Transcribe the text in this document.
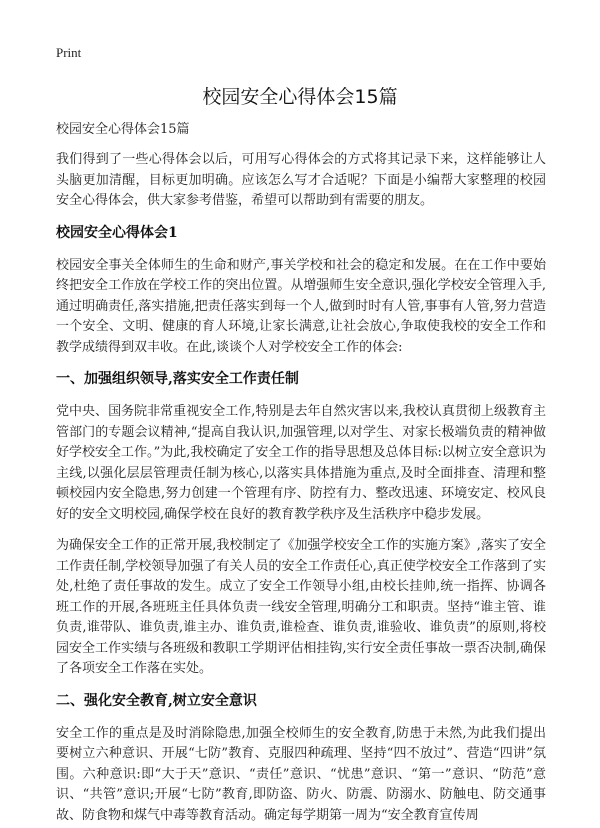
Print
校园安全心得体会15篇
校园安全心得体会15篇

我们得到了一些心得体会以后，可用写心得体会的方式将其记录下来，这样能够让人头脑更加清醒，目标更加明确。应该怎么写才合适呢？下面是小编帮大家整理的校园安全心得体会，供大家参考借鉴，希望可以帮助到有需要的朋友。

校园安全心得体会1

校园安全事关全体师生的生命和财产,事关学校和社会的稳定和发展。在在工作中要始终把安全工作放在学校工作的突出位置。从增强师生安全意识,强化学校安全管理入手,通过明确责任,落实措施,把责任落实到每一个人,做到时时有人管,事事有人管,努力营造一个安全、文明、健康的育人环境,让家长满意,让社会放心,争取使我校的安全工作和教学成绩得到双丰收。在此,谈谈个人对学校安全工作的体会:

一、加强组织领导,落实安全工作责任制

党中央、国务院非常重视安全工作,特别是去年自然灾害以来,我校认真贯彻上级教育主管部门的专题会议精神,“提高自我认识,加强管理,以对学生、对家长极端负责的精神做好学校安全工作。”为此,我校确定了安全工作的指导思想及总体目标:以树立安全意识为主线,以强化层层管理责任制为核心,以落实具体措施为重点,及时全面排查、清理和整顿校园内安全隐患,努力创建一个管理有序、防控有力、整改迅速、环境安定、校风良好的安全文明校园,确保学校在良好的教育教学秩序及生活秩序中稳步发展。

为确保安全工作的正常开展,我校制定了《加强学校安全工作的实施方案》,落实了安全工作责任制,学校领导加强了有关人员的安全工作责任心,真正使学校安全工作落到了实处,杜绝了责任事故的发生。成立了安全工作领导小组,由校长挂帅,统一指挥、协调各班工作的开展,各班班主任具体负责一线安全管理,明确分工和职责。坚持“谁主管、谁负责,谁带队、谁负责,谁主办、谁负责,谁检查、谁负责,谁验收、谁负责”的原则,将校园安全工作实绩与各班级和教职工学期评估相挂钩,实行安全责任事故一票否决制,确保了各项安全工作落在实处。

二、强化安全教育,树立安全意识

安全工作的重点是及时消除隐患,加强全校师生的安全教育,防患于未然,为此我们提出要树立六种意识、开展“七防”教育、克服四种疏理、坚持“四不放过”、营造“四讲”氛围。六种意识:即“大于天”意识、“责任”意识、“忧患”意识、“第一”意识、“防范”意识、“共管”意识;开展“七防”教育,即防盗、防火、防震、防溺水、防触电、防交通事故、防食物和煤气中毒等教育活动。确定每学期第一周为“安全教育宣传周
